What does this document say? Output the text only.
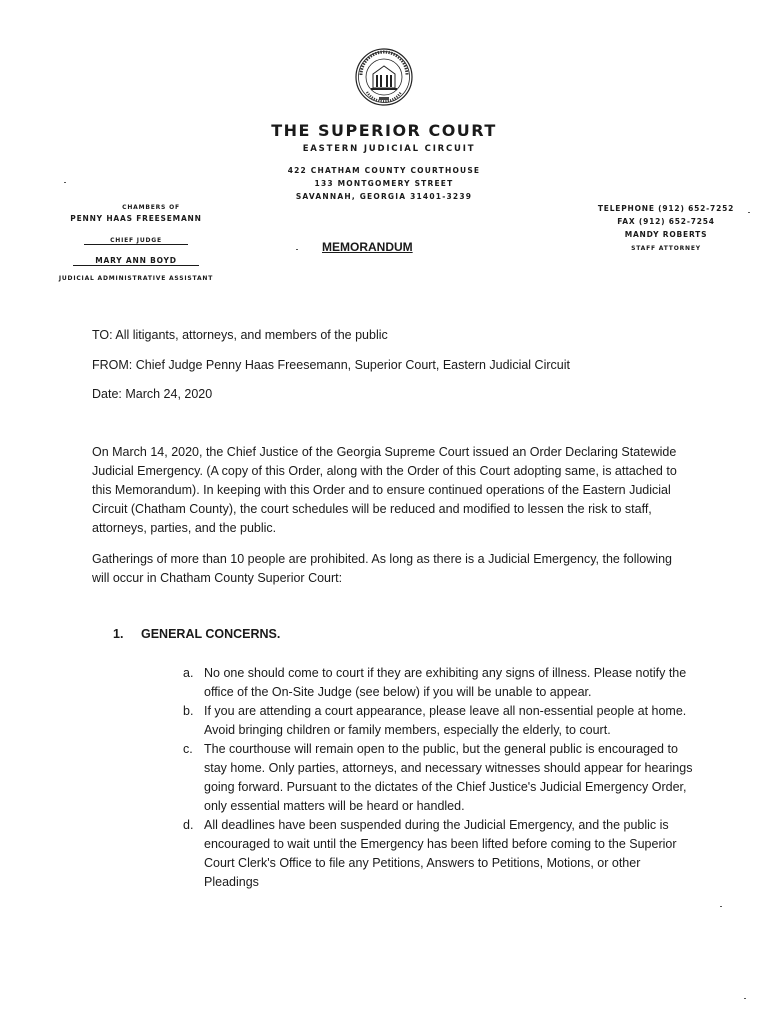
THE SUPERIOR COURT
EASTERN JUDICIAL CIRCUIT
422 CHATHAM COUNTY COURTHOUSE
133 MONTGOMERY STREET
SAVANNAH, GEORGIA 31401-3239
CHAMBERS OF
PENNY HAAS FREESEMANN
CHIEF JUDGE
MARY ANN BOYD
JUDICIAL ADMINISTRATIVE ASSISTANT
TELEPHONE (912) 652-7252
FAX (912) 652-7254
MANDY ROBERTS
STAFF ATTORNEY
MEMORANDUM
TO: All litigants, attorneys, and members of the public
FROM: Chief Judge Penny Haas Freesemann, Superior Court, Eastern Judicial Circuit
Date: March 24, 2020
On March 14, 2020, the Chief Justice of the Georgia Supreme Court issued an Order Declaring Statewide Judicial Emergency. (A copy of this Order, along with the Order of this Court adopting same, is attached to this Memorandum). In keeping with this Order and to ensure continued operations of the Eastern Judicial Circuit (Chatham County), the court schedules will be reduced and modified to lessen the risk to staff, attorneys, parties, and the public.
Gatherings of more than 10 people are prohibited. As long as there is a Judicial Emergency, the following will occur in Chatham County Superior Court:
1. GENERAL CONCERNS.
a. No one should come to court if they are exhibiting any signs of illness. Please notify the office of the On-Site Judge (see below) if you will be unable to appear.
b. If you are attending a court appearance, please leave all non-essential people at home. Avoid bringing children or family members, especially the elderly, to court.
c. The courthouse will remain open to the public, but the general public is encouraged to stay home. Only parties, attorneys, and necessary witnesses should appear for hearings going forward. Pursuant to the dictates of the Chief Justice's Judicial Emergency Order, only essential matters will be heard or handled.
d. All deadlines have been suspended during the Judicial Emergency, and the public is encouraged to wait until the Emergency has been lifted before coming to the Superior Court Clerk's Office to file any Petitions, Answers to Petitions, Motions, or other Pleadings
